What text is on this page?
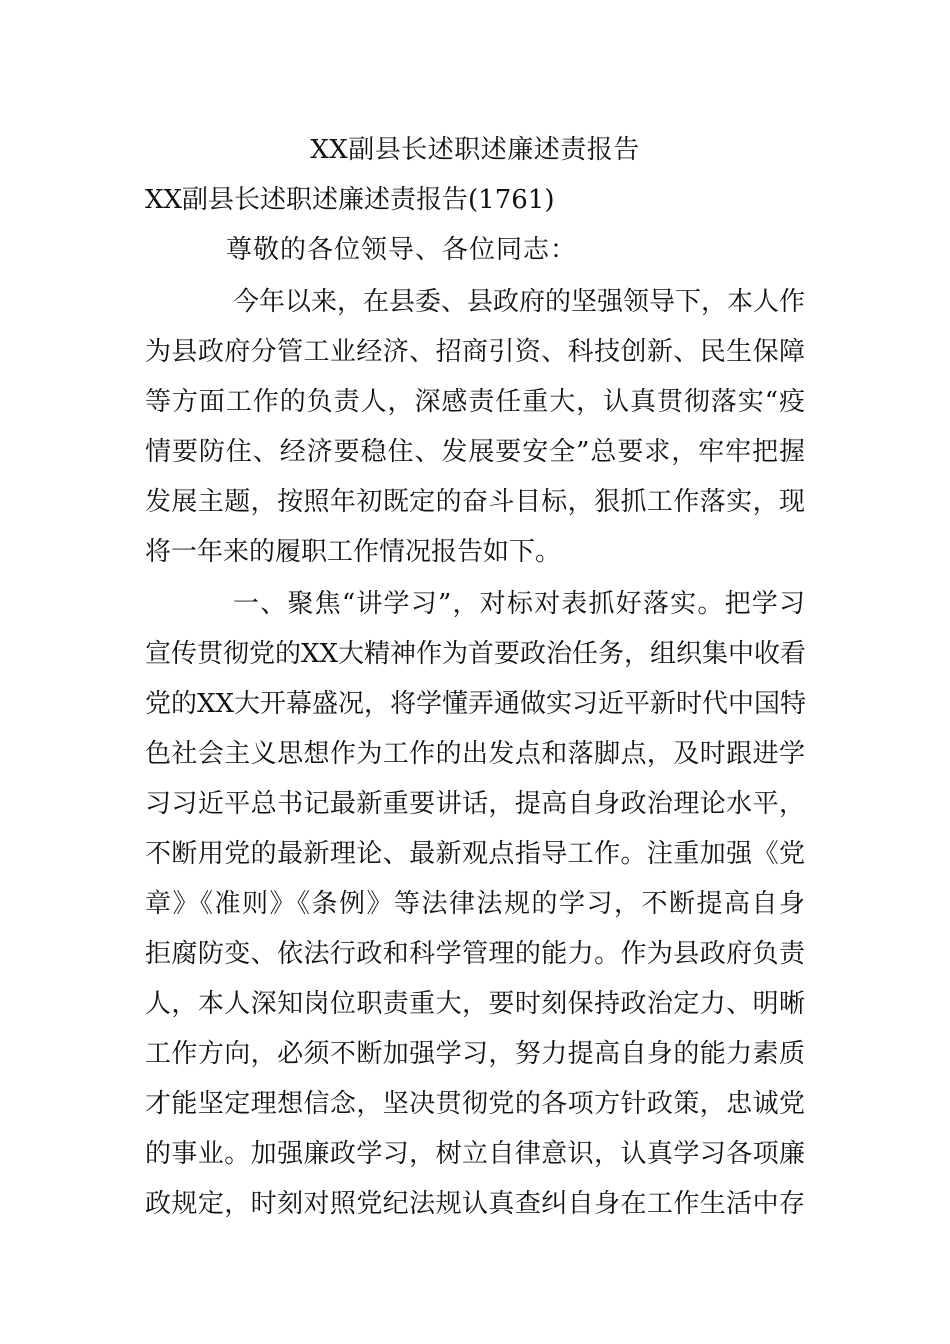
XX副县长述职述廉述责报告
XX副县长述职述廉述责报告(1761)
尊敬的各位领导、各位同志：
今年以来，在县委、县政府的坚强领导下，本人作
为县政府分管工业经济、招商引资、科技创新、民生保障
等方面工作的负责人，深感责任重大，认真贯彻落实“疫
情要防住、经济要稳住、发展要安全”总要求，牢牢把握
发展主题，按照年初既定的奋斗目标，狠抓工作落实，现
将一年来的履职工作情况报告如下。
一、聚焦“讲学习”，对标对表抓好落实。把学习
宣传贯彻党的XX大精神作为首要政治任务，组织集中收看
党的XX大开幕盛况，将学懂弄通做实习近平新时代中国特
色社会主义思想作为工作的出发点和落脚点，及时跟进学
习习近平总书记最新重要讲话，提高自身政治理论水平，
不断用党的最新理论、最新观点指导工作。注重加强《党
章》《准则》《条例》等法律法规的学习，不断提高自身
拒腐防变、依法行政和科学管理的能力。作为县政府负责
人，本人深知岗位职责重大，要时刻保持政治定力、明晰
工作方向，必须不断加强学习，努力提高自身的能力素质
才能坚定理想信念，坚决贯彻党的各项方针政策，忠诚党
的事业。加强廉政学习，树立自律意识，认真学习各项廉
政规定，时刻对照党纪法规认真查纠自身在工作生活中存
